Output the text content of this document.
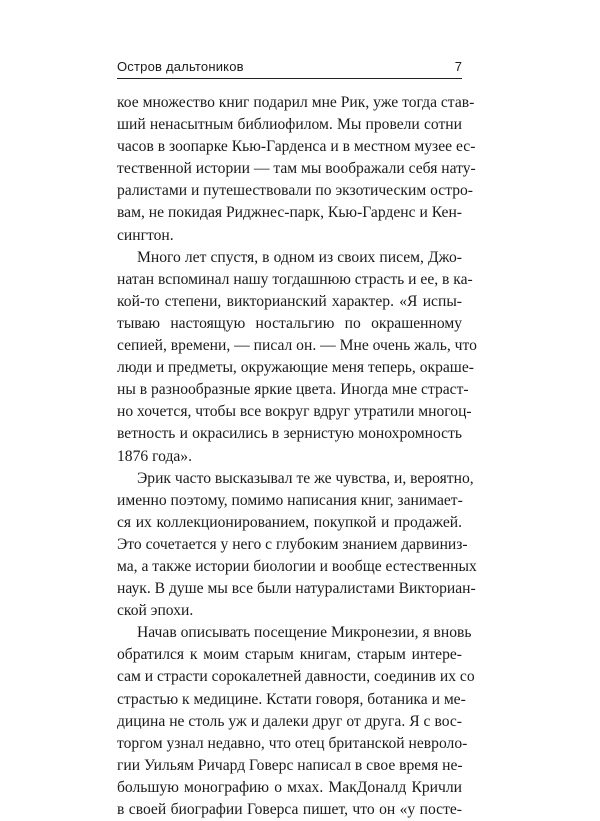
Остров дальтоников	7
кое множество книг подарил мне Рик, уже тогда став-
ший ненасытным библиофилом. Мы провели сотни
часов в зоопарке Кью-Гарденса и в местном музее ес-
тественной истории — там мы воображали себя нату-
ралистами и путешествовали по экзотическим остро-
вам, не покидая Риджнес-парк, Кью-Гарденс и Кен-
сингтон.
Много лет спустя, в одном из своих писем, Джо-
натан вспоминал нашу тогдашнюю страсть и ее, в ка-
кой-то степени, викторианский характер. «Я испы-
тываю настоящую ностальгию по окрашенному
сепией, времени, — писал он. — Мне очень жаль, что
люди и предметы, окружающие меня теперь, окраше-
ны в разнообразные яркие цвета. Иногда мне страст-
но хочется, чтобы все вокруг вдруг утратили многоц-
ветность и окрасились в зернистую монохромность
1876 года».
Эрик часто высказывал те же чувства, и, вероятно,
именно поэтому, помимо написания книг, занимает-
ся их коллекционированием, покупкой и продажей.
Это сочетается у него с глубоким знанием дарвиниз-
ма, а также истории биологии и вообще естественных
наук. В душе мы все были натуралистами Викториан-
ской эпохи.
Начав описывать посещение Микронезии, я вновь
обратился к моим старым книгам, старым интере-
сам и страсти сорокалетней давности, соединив их со
страстью к медицине. Кстати говоря, ботаника и ме-
дицина не столь уж и далеки друг от друга. Я с вос-
торгом узнал недавно, что отец британской невроло-
гии Уильям Ричард Говерс написал в свое время не-
большую монографию о мхах. МакДоналд Кричли
в своей биографии Говерса пишет, что он «у посте-
